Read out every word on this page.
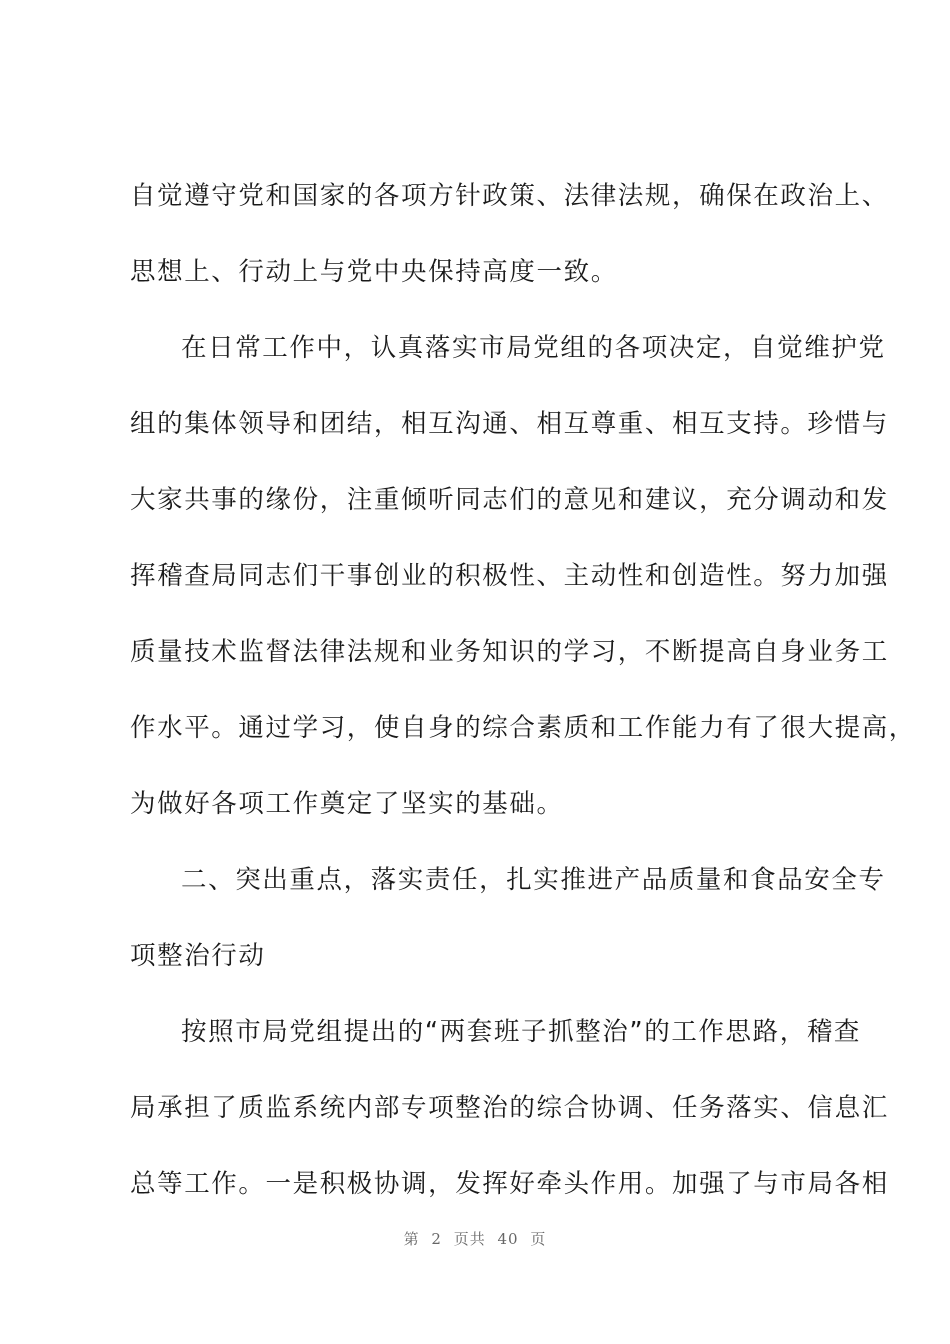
自觉遵守党和国家的各项方针政策、法律法规，确保在政治上、
思想上、行动上与党中央保持高度一致。
在日常工作中，认真落实市局党组的各项决定，自觉维护党
组的集体领导和团结，相互沟通、相互尊重、相互支持。珍惜与
大家共事的缘份，注重倾听同志们的意见和建议，充分调动和发
挥稽查局同志们干事创业的积极性、主动性和创造性。努力加强
质量技术监督法律法规和业务知识的学习，不断提高自身业务工
作水平。通过学习，使自身的综合素质和工作能力有了很大提高，
为做好各项工作奠定了坚实的基础。
二、突出重点，落实责任，扎实推进产品质量和食品安全专
项整治行动
按照市局党组提出的“两套班子抓整治”的工作思路，稽查
局承担了质监系统内部专项整治的综合协调、任务落实、信息汇
总等工作。一是积极协调，发挥好牵头作用。加强了与市局各相
第 2 页共 40 页
